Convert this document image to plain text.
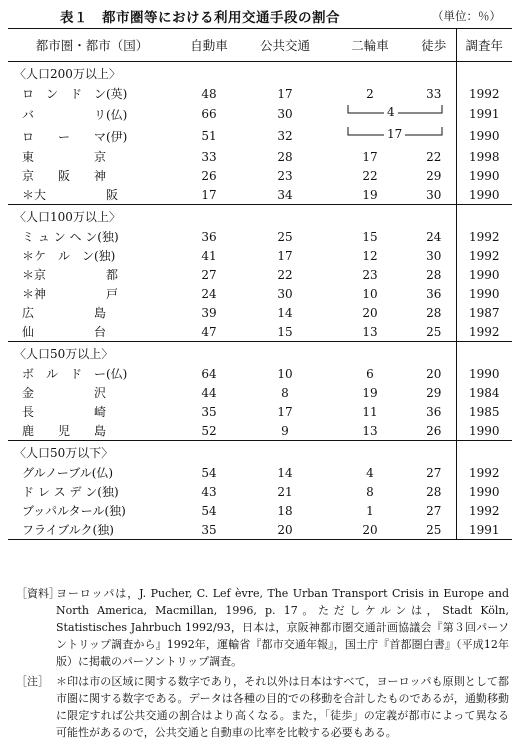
表１　都市圏等における利用交通手段の割合	（単位：％）
都市圏・都市（国）	自動車	公共交通	二輪車	徒歩	調査年
〈人口200万以上〉					
ロ　ン　ド　ン(英)	48	17	2	33	1992
バ　　　　　リ(仏)	66	30	4		1991
ロ　　ー　　マ(伊)	51	32	17		1990
東　　　　　京	33	28	17	22	1998
京　　阪　　神	26	23	22	29	1990
＊大　　　　　阪	17	34	19	30	1990
〈人口100万以上〉					
ミ ュ ン ヘ ン(独)	36	25	15	24	1992
＊ケ　ル　ン(独)	41	17	12	30	1992
＊京　　　　　都	27	22	23	28	1990
＊神　　　　　戸	24	30	10	36	1990
広　　　　　島	39	14	20	28	1987
仙　　　　　台	47	15	13	25	1992
〈人口50万以上〉					
ボ　ル　ド　ー(仏)	64	10	6	20	1990
金　　　　　沢	44	8	19	29	1984
長　　　　　崎	35	17	11	36	1985
鹿　　児　　島	52	9	13	26	1990
〈人口50万以下〉					
グルノーブル(仏)	54	14	4	27	1992
ド レ ス デ ン(独)	43	21	8	28	1990
ブッパルタール(独)	54	18	1	27	1992
フライブルク(独)	35	20	20	25	1991
［資料］
ヨーロッパは，J. Pucher, C. Lef èvre, The Urban Transport Crisis in Europe and North America, Macmillan, 1996, p. 17。ただしケルンは，Stadt Köln, Statistisches Jahrbuch 1992/93，日本は，京阪神都市圏交通計画協議会『第３回パーソントリップ調査から』1992年，運輸省『都市交通年報』，国土庁『首都圏白書』（平成12年版）に掲載のパーソントリップ調査。
［注］ ＊印は市の区域に関する数字であり，それ以外は日本はすべて，ヨーロッパも原則として都市圏に関する数字である。データは各種の目的での移動を合計したものであるが，通勤移動に限定すれば公共交通の割合はより高くなる。また，「徒歩」の定義が都市によって異なる可能性があるので，公共交通と自動車の比率を比較する必要もある。
